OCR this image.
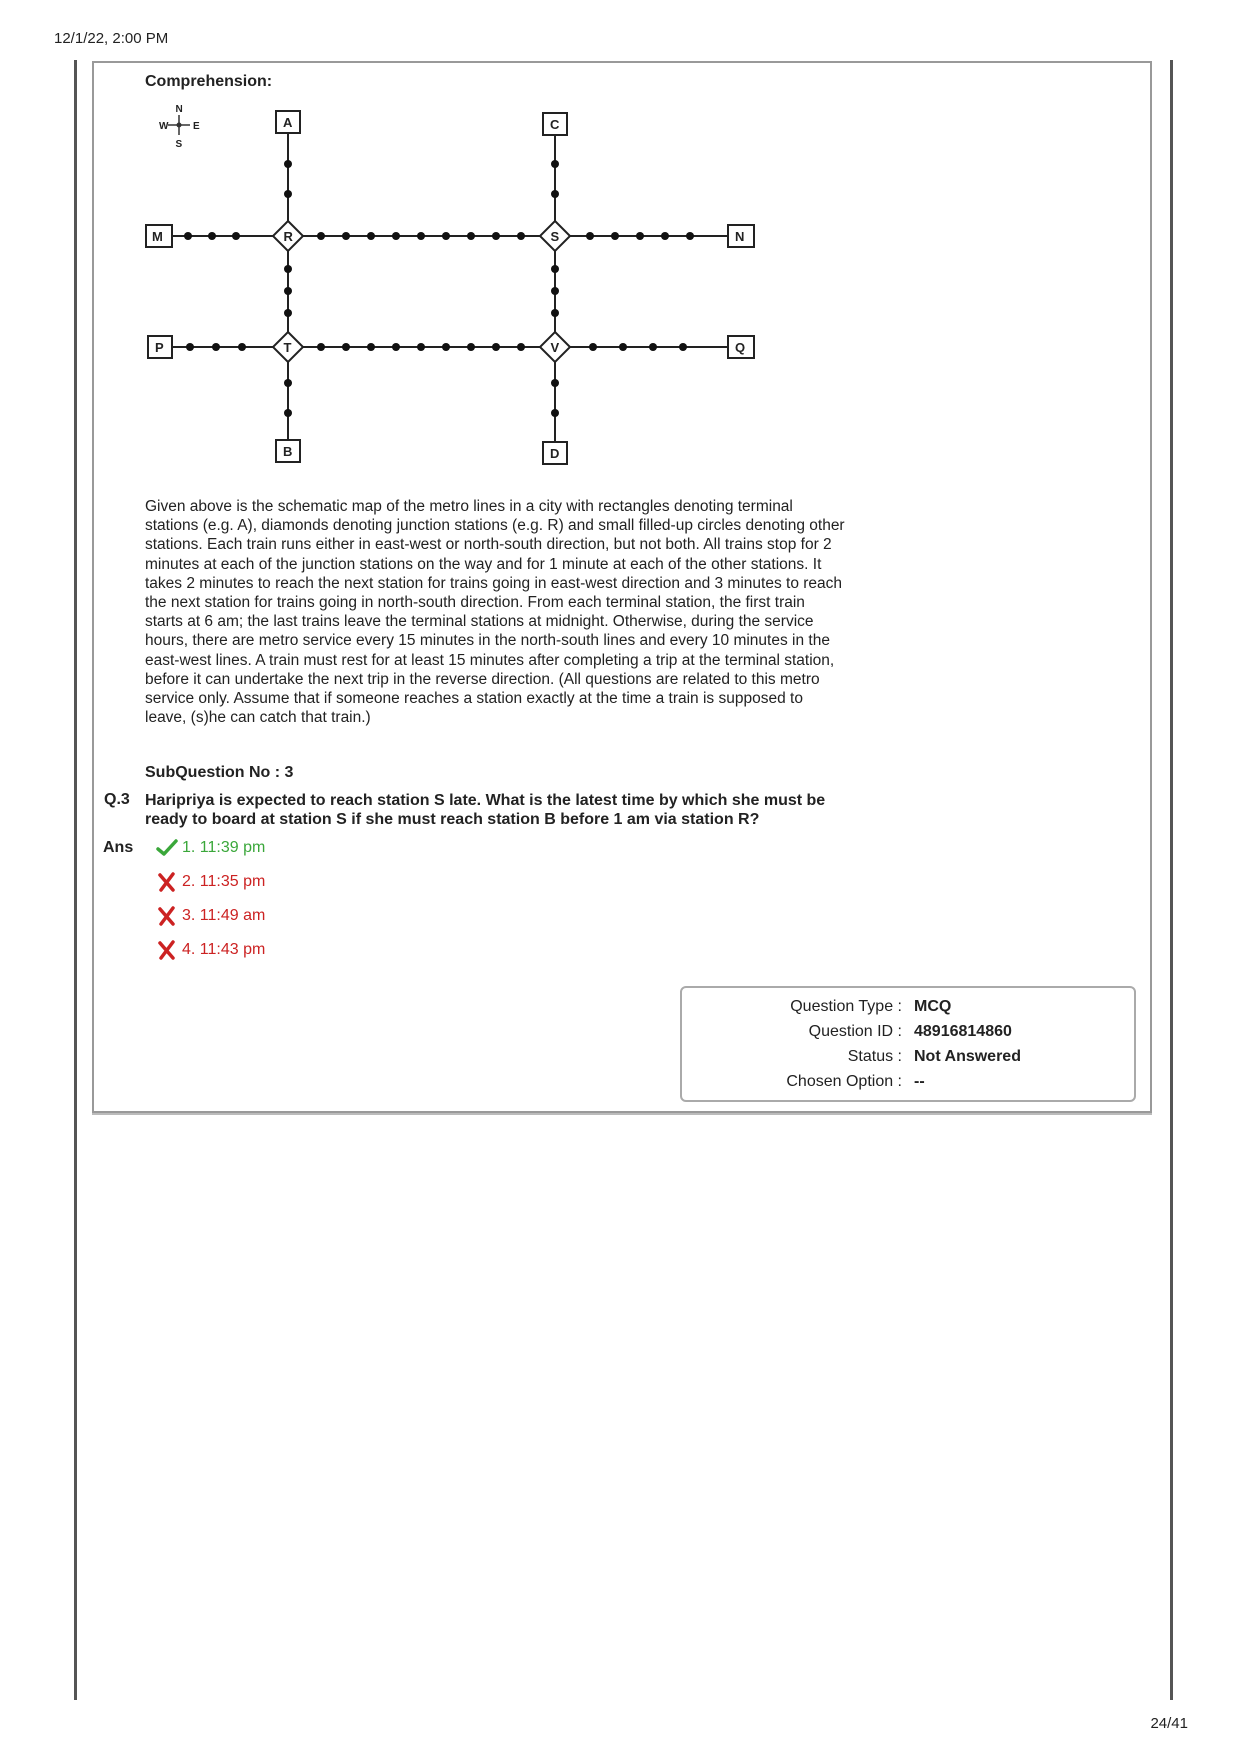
12/1/22, 2:00 PM
Comprehension:
N
S
W E
R	S
T	V
A	C
M	N
P	Q
B	D

Given above is the schematic map of the metro lines in a city with rectangles denoting terminal stations (e.g. A), diamonds denoting junction stations (e.g. R) and small filled-up circles denoting other stations. Each train runs either in east-west or north-south direction, but not both. All trains stop for 2 minutes at each of the junction stations on the way and for 1 minute at each of the other stations. It takes 2 minutes to reach the next station for trains going in east-west direction and 3 minutes to reach the next station for trains going in north-south direction. From each terminal station, the first train starts at 6 am; the last trains leave the terminal stations at midnight. Otherwise, during the service hours, there are metro service every 15 minutes in the north-south lines and every 10 minutes in the east-west lines. A train must rest for at least 15 minutes after completing a trip at the terminal station, before it can undertake the next trip in the reverse direction. (All questions are related to this metro service only. Assume that if someone reaches a station exactly at the time a train is supposed to leave, (s)he can catch that train.)

SubQuestion No : 3
Q.3 Haripriya is expected to reach station S late. What is the latest time by which she must be ready to board at station S if she must reach station B before 1 am via station R?

Ans	1. 11:39 pm
2. 11:35 pm
3. 11:49 am
4. 11:43 pm
Question Type : MCQ
Question ID : 48916814860
Status : Not Answered
Chosen Option : --
24/41
